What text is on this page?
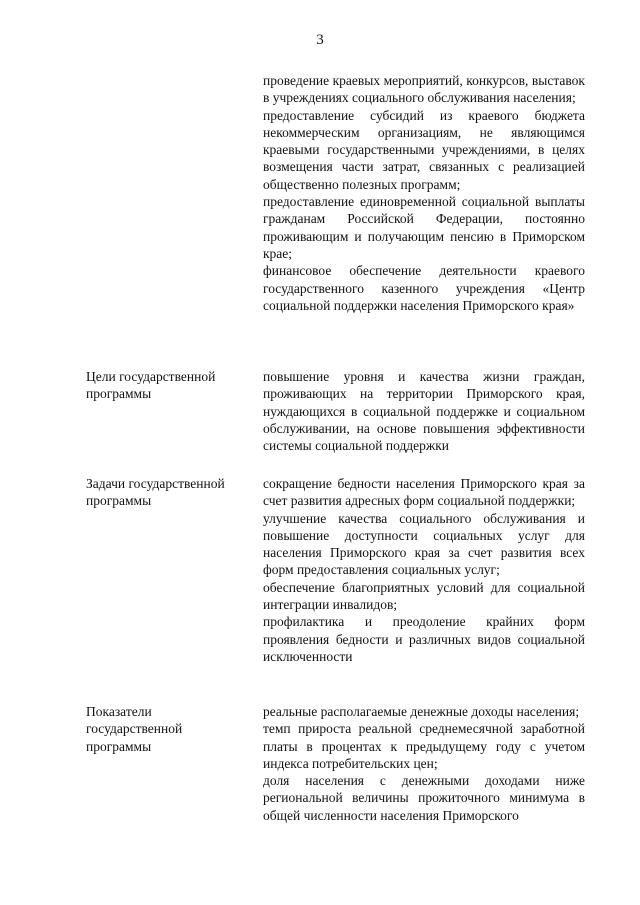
3

проведение краевых мероприятий, конкурсов, выставок в учреждениях социального обслуживания населения;

предоставление субсидий из краевого бюджета некоммерческим организациям, не являющимся краевыми государственными учреждениями, в целях возмещения части затрат, связанных с реализацией общественно полезных программ;

предоставление единовременной социальной выплаты гражданам Российской Федерации, постоянно проживающим и получающим пенсию в Приморском крае;

финансовое обеспечение деятельности краевого государственного казенного учреждения «Центр социальной поддержки населения Приморского края»

Цели государственной программы

повышение уровня и качества жизни граждан, проживающих на территории Приморского края, нуждающихся в социальной поддержке и социальном обслуживании, на основе повышения эффективности системы социальной поддержки

Задачи государственной программы

сокращение бедности населения Приморского края за счет развития адресных форм социальной поддержки;

улучшение качества социального обслуживания и повышение доступности социальных услуг для населения Приморского края за счет развития всех форм предоставления социальных услуг;

обеспечение благоприятных условий для социальной интеграции инвалидов;

профилактика и преодоление крайних форм проявления бедности и различных видов социальной исключенности

Показатели государственной программы

реальные располагаемые денежные доходы населения;

темп прироста реальной среднемесячной заработной платы в процентах к предыдущему году с учетом индекса потребительских цен;

доля населения с денежными доходами ниже региональной величины прожиточного минимума в общей численности населения Приморского
